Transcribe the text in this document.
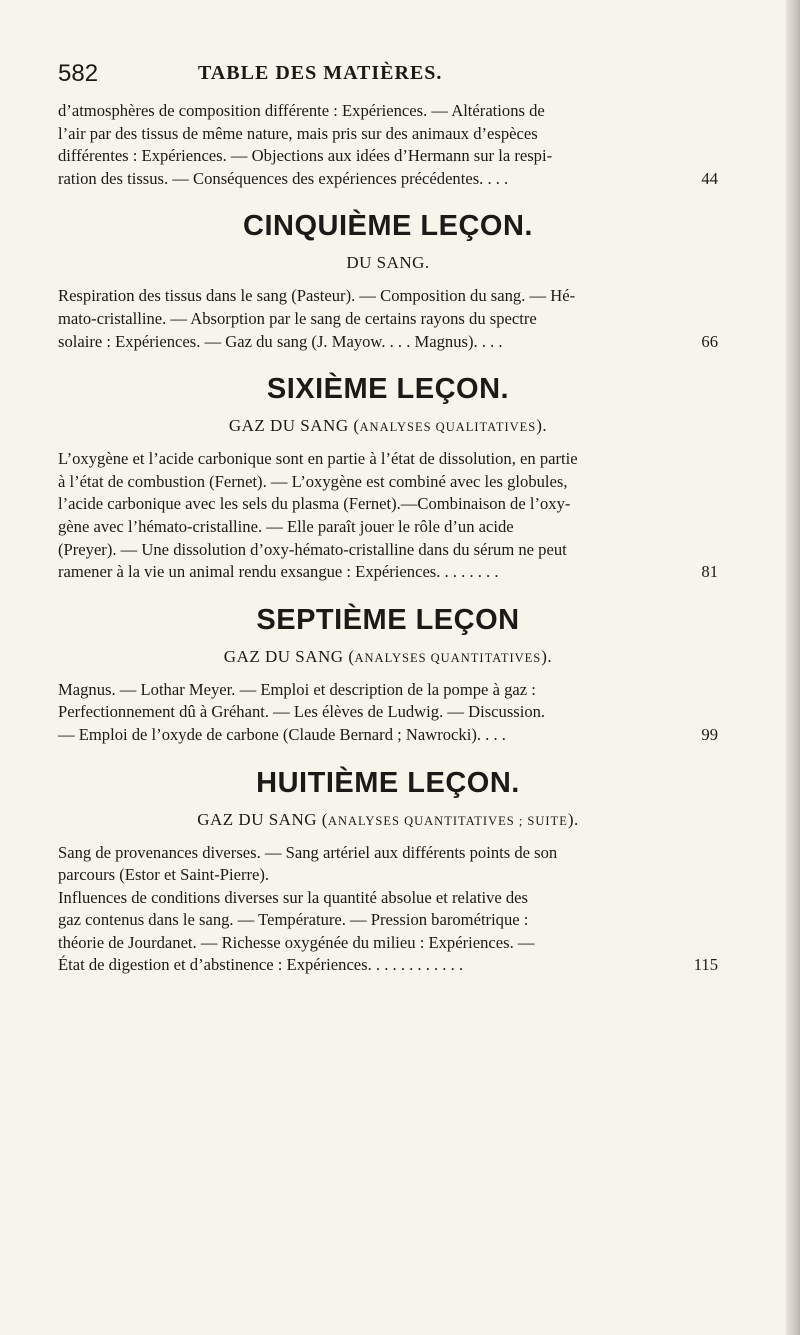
582	TABLE DES MATIÈRES.

d’atmosphères de composition différente : Expériences. — Altérations de

l’air par des tissus de même nature, mais pris sur des animaux d’espèces

différentes : Expériences. — Objections aux idées d’Hermann sur la respi-

ration des tissus. — Conséquences des expériences précédentes. . . .	44

CINQUIÈME LEÇON.
DU SANG.

Respiration des tissus dans le sang (Pasteur). — Composition du sang. — Hé-

mato-cristalline. — Absorption par le sang de certains rayons du spectre

solaire : Expériences. — Gaz du sang (J. Mayow. . . . Magnus). . . .	66

SIXIÈME LEÇON.
GAZ DU SANG (ANALYSES QUALITATIVES).

L’oxygène et l’acide carbonique sont en partie à l’état de dissolution, en partie

à l’état de combustion (Fernet). — L’oxygène est combiné avec les globules,

l’acide carbonique avec les sels du plasma (Fernet).—Combinaison de l’oxy-

gène avec l’hémato-cristalline. — Elle paraît jouer le rôle d’un acide

(Preyer). — Une dissolution d’oxy-hémato-cristalline dans du sérum ne peut

ramener à la vie un animal rendu exsangue : Expériences. . . . . . . .	81

SEPTIÈME LEÇON
GAZ DU SANG (ANALYSES QUANTITATIVES).

Magnus. — Lothar Meyer. — Emploi et description de la pompe à gaz :

Perfectionnement dû à Gréhant. — Les élèves de Ludwig. — Discussion.

— Emploi de l’oxyde de carbone (Claude Bernard ; Nawrocki). . . .	99

HUITIÈME LEÇON.
GAZ DU SANG (ANALYSES QUANTITATIVES ; SUITE).

Sang de provenances diverses. — Sang artériel aux différents points de son

parcours (Estor et Saint-Pierre).

Influences de conditions diverses sur la quantité absolue et relative des

gaz contenus dans le sang. — Température. — Pression barométrique :

théorie de Jourdanet. — Richesse oxygénée du milieu : Expériences. —

État de digestion et d’abstinence : Expériences. . . . . . . . . . . .	115
